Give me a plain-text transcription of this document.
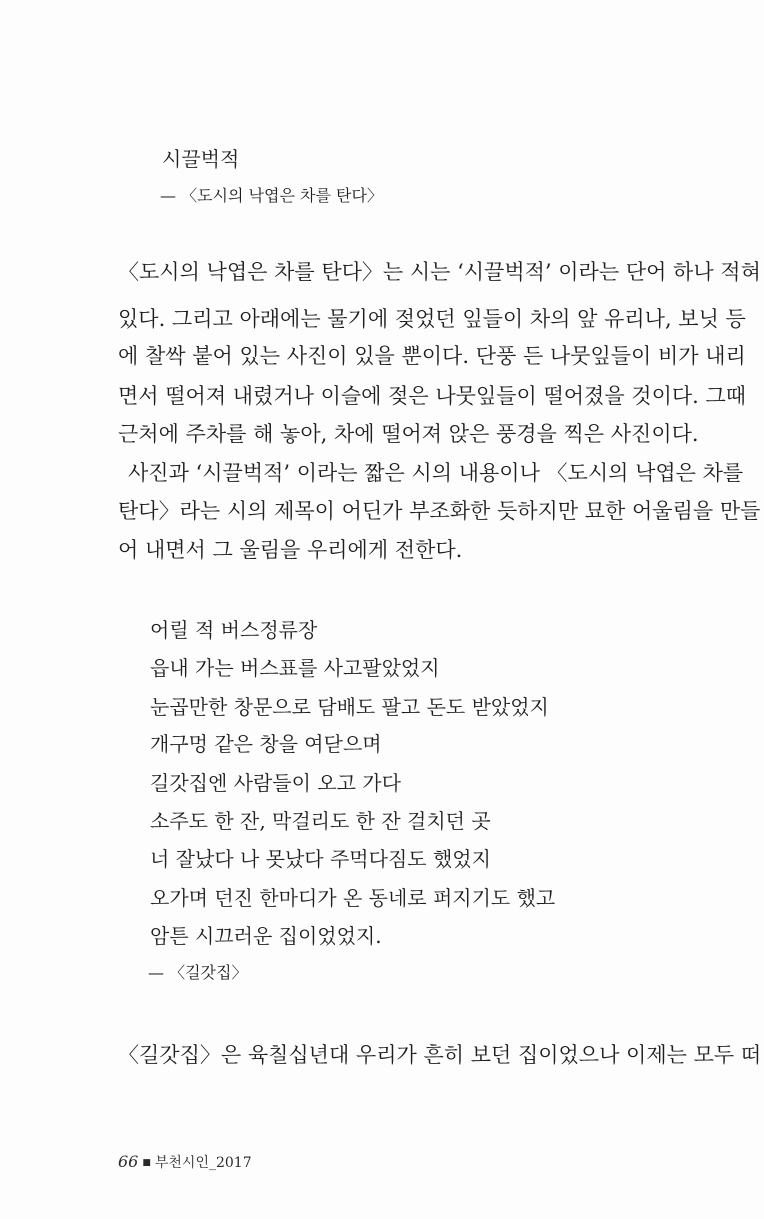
시끌벅적
— 〈도시의 낙엽은 차를 탄다〉
〈도시의 낙엽은 차를 탄다〉는 시는 ‘시끌벅적’ 이라는 단어 하나 적혀
있다. 그리고 아래에는 물기에 젖었던 잎들이 차의 앞 유리나, 보닛 등
에 찰싹 붙어 있는 사진이 있을 뿐이다. 단풍 든 나뭇잎들이 비가 내리
면서 떨어져 내렸거나 이슬에 젖은 나뭇잎들이 떨어졌을 것이다. 그때
근처에 주차를 해 놓아, 차에 떨어져 앉은 풍경을 찍은 사진이다.
사진과 ‘시끌벅적’ 이라는 짧은 시의 내용이나 〈도시의 낙엽은 차를
탄다〉라는 시의 제목이 어딘가 부조화한 듯하지만 묘한 어울림을 만들
어 내면서 그 울림을 우리에게 전한다.
어릴 적 버스정류장
읍내 가는 버스표를 사고팔았었지
눈곱만한 창문으로 담배도 팔고 돈도 받았었지
개구멍 같은 창을 여닫으며
길갓집엔 사람들이 오고 가다
소주도 한 잔, 막걸리도 한 잔 걸치던 곳
너 잘났다 나 못났다 주먹다짐도 했었지
오가며 던진 한마디가 온 동네로 퍼지기도 했고
암튼 시끄러운 집이었었지.
— 〈길갓집〉
〈길갓집〉은 육칠십년대 우리가 흔히 보던 집이었으나 이제는 모두 떠
66 ■ 부천시인_2017
